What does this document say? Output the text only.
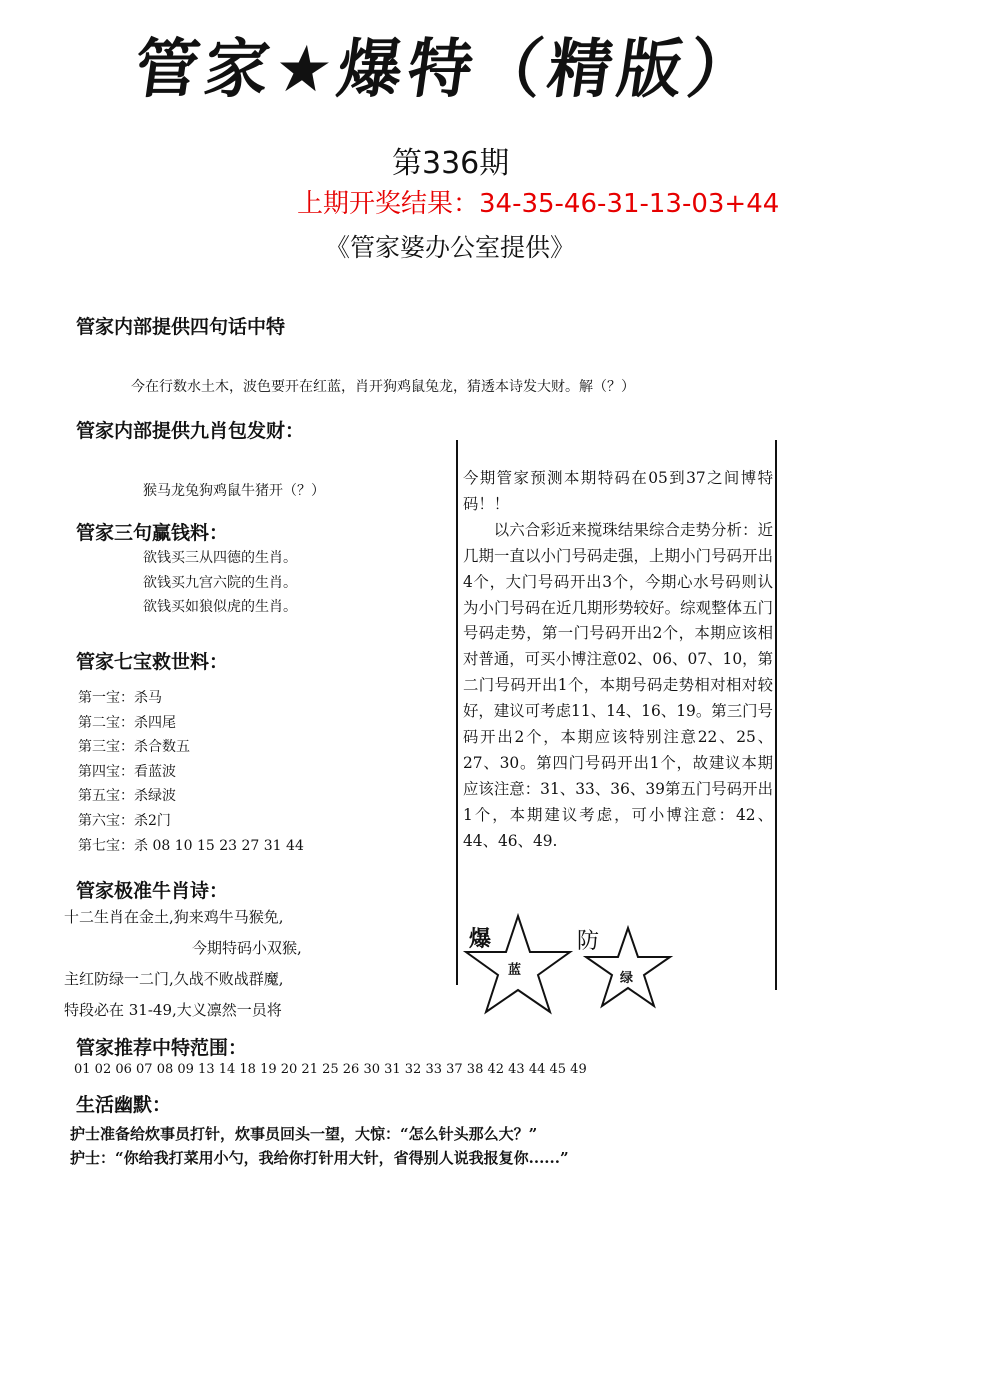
管家★爆特（精版）
第336期
上期开奖结果：34-35-46-31-13-03+44
《管家婆办公室提供》
管家内部提供四句话中特
今在行数水土木，波色要开在红蓝，肖开狗鸡鼠兔龙，猜透本诗发大财。解（？）
管家内部提供九肖包发财：
猴马龙兔狗鸡鼠牛猪开（？）
管家三句赢钱料：
欲钱买三从四德的生肖。
欲钱买九宫六院的生肖。
欲钱买如狼似虎的生肖。
管家七宝救世料：
第一宝：杀马
第二宝：杀四尾
第三宝：杀合数五
第四宝：看蓝波
第五宝：杀绿波
第六宝：杀2门
第七宝：杀 08 10 15 23 27 31 44
管家极准牛肖诗：
十二生肖在金土,狗来鸡牛马猴免,
今期特码小双猴,
主红防绿一二门,久战不败战群魔,
特段必在 31-49,大义凛然一员将

今期管家预测本期特码在05到37之间博特码！！

以六合彩近来搅珠结果综合走势分析：近几期一直以小门号码走强，上期小门号码开出4个，大门号码开出3个，今期心水号码则认为小门号码在近几期形势较好。综观整体五门号码走势，第一门号码开出2个，本期应该相对普通，可买小博注意02、06、07、10，第二门号码开出1个，本期号码走势相对相对较好，建议可考虑11、14、16、19。第三门号码开出2个，本期应该特别注意22、25、27、30。第四门号码开出1个，故建议本期应该注意：31、33、36、39第五门号码开出1个，本期建议考虑，可小博注意：42、44、46、49.

爆
蓝
防
绿
管家推荐中特范围：
01 02 06 07 08 09 13 14 18 19 20 21 25 26 30 31 32 33 37 38 42 43 44 45 49
生活幽默：
护士准备给炊事员打针，炊事员回头一望，大惊：“怎么针头那么大？”
护士：“你给我打菜用小勺，我给你打针用大针，省得别人说我报复你......”
